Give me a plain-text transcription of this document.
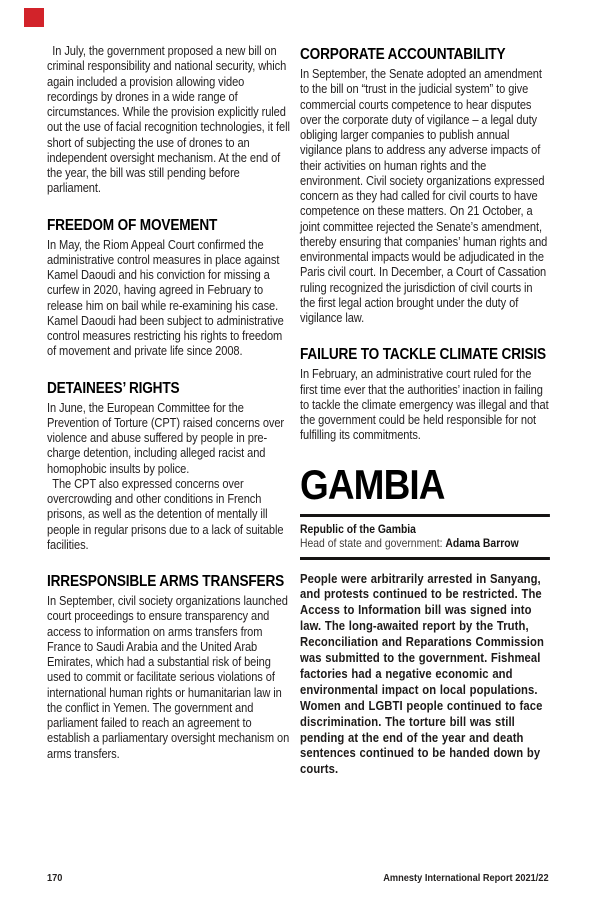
In July, the government proposed a new bill on criminal responsibility and national security, which again included a provision allowing video recordings by drones in a wide range of circumstances. While the provision explicitly ruled out the use of facial recognition technologies, it fell short of subjecting the use of drones to an independent oversight mechanism. At the end of the year, the bill was still pending before parliament.

FREEDOM OF MOVEMENT

In May, the Riom Appeal Court confirmed the administrative control measures in place against Kamel Daoudi and his conviction for missing a curfew in 2020, having agreed in February to release him on bail while re-examining his case. Kamel Daoudi had been subject to administrative control measures restricting his rights to freedom of movement and private life since 2008.

DETAINEES’ RIGHTS

In June, the European Committee for the Prevention of Torture (CPT) raised concerns over violence and abuse suffered by people in pre-charge detention, including alleged racist and homophobic insults by police.

The CPT also expressed concerns over overcrowding and other conditions in French prisons, as well as the detention of mentally ill people in regular prisons due to a lack of suitable facilities.

IRRESPONSIBLE ARMS TRANSFERS

In September, civil society organizations launched court proceedings to ensure transparency and access to information on arms transfers from France to Saudi Arabia and the United Arab Emirates, which had a substantial risk of being used to commit or facilitate serious violations of international human rights or humanitarian law in the conflict in Yemen. The government and parliament failed to reach an agreement to establish a parliamentary oversight mechanism on arms transfers.

CORPORATE ACCOUNTABILITY

In September, the Senate adopted an amendment to the bill on “trust in the judicial system” to give commercial courts competence to hear disputes over the corporate duty of vigilance – a legal duty obliging larger companies to publish annual vigilance plans to address any adverse impacts of their activities on human rights and the environment. Civil society organizations expressed concern as they had called for civil courts to have competence on these matters. On 21 October, a joint committee rejected the Senate’s amendment, thereby ensuring that companies’ human rights and environmental impacts would be adjudicated in the Paris civil court. In December, a Court of Cassation ruling recognized the jurisdiction of civil courts in the first legal action brought under the duty of vigilance law.

FAILURE TO TACKLE CLIMATE CRISIS

In February, an administrative court ruled for the first time ever that the authorities’ inaction in failing to tackle the climate emergency was illegal and that the government could be held responsible for not fulfilling its commitments.

GAMBIA
Republic of the Gambia
Head of state and government: Adama Barrow

People were arbitrarily arrested in Sanyang, and protests continued to be restricted. The Access to Information bill was signed into law. The long-awaited report by the Truth, Reconciliation and Reparations Commission was submitted to the government. Fishmeal factories had a negative economic and environmental impact on local populations. Women and LGBTI people continued to face discrimination. The torture bill was still pending at the end of the year and death sentences continued to be handed down by courts.

170	Amnesty International Report 2021/22
